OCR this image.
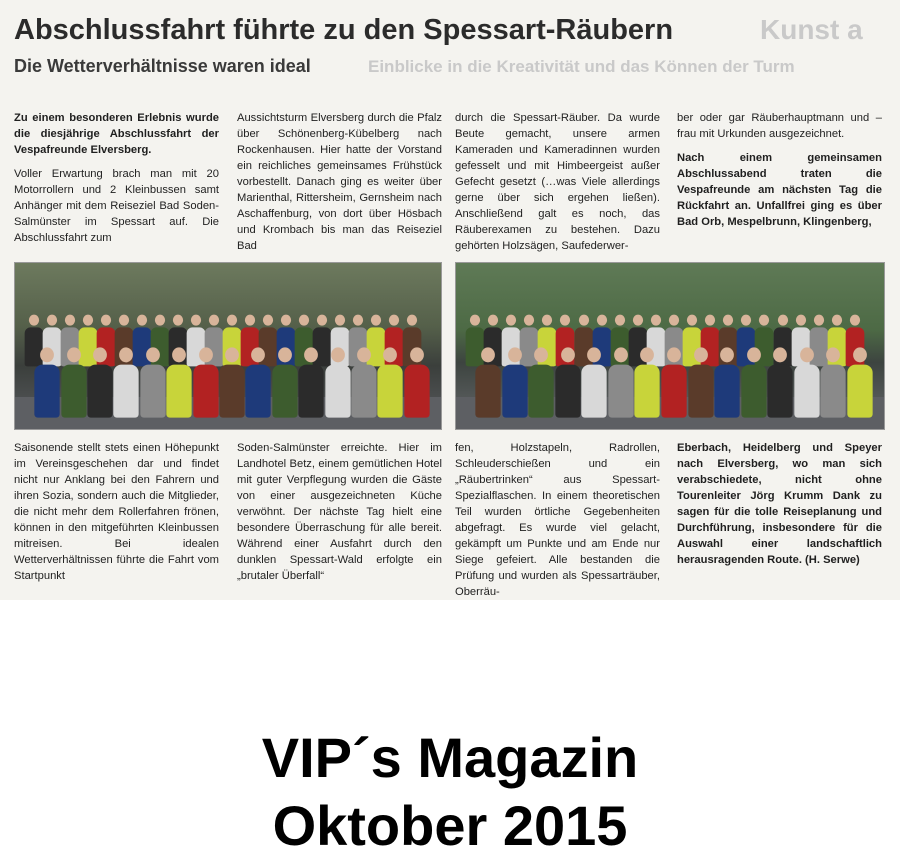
Kunst a
Einblicke in die Kreativität und das Können der Turm
Abschlussfahrt führte zu den Spessart-Räubern
Die Wetterverhältnisse waren ideal

Zu einem besonderen Erlebnis wurde die diesjährige Abschlussfahrt der Vespafreunde Elversberg.

Voller Erwartung brach man mit 20 Motorrollern und 2 Kleinbussen samt Anhänger mit dem Reiseziel Bad Soden-Salmünster im Spessart auf. Die Abschlussfahrt zum

Aussichtsturm Elversberg durch die Pfalz über Schönenberg-Kübelberg nach Rockenhausen. Hier hatte der Vorstand ein reichliches gemeinsames Frühstück vorbestellt. Danach ging es weiter über Marienthal, Rittersheim, Gernsheim nach Aschaffenburg, von dort über Hösbach und Krombach bis man das Reiseziel Bad

durch die Spessart-Räuber. Da wurde Beute gemacht, unsere armen Kameraden und Kameradinnen wurden gefesselt und mit Himbeergeist außer Gefecht gesetzt (…was Viele allerdings gerne über sich ergehen ließen). Anschließend galt es noch, das Räuberexamen zu bestehen. Dazu gehörten Holzsägen, Saufederwer-

ber oder gar Räuberhauptmann und –frau mit Urkunden ausgezeichnet.

Nach einem gemeinsamen Abschlussabend traten die Vespafreunde am nächsten Tag die Rückfahrt an. Unfallfrei ging es über Bad Orb, Mespelbrunn, Klingenberg,

Saisonende stellt stets einen Höhepunkt im Vereinsgeschehen dar und findet nicht nur Anklang bei den Fahrern und ihren Sozia, sondern auch die Mitglieder, die nicht mehr dem Rollerfahren frönen, können in den mitgeführten Kleinbussen mitreisen. Bei idealen Wetterverhältnissen führte die Fahrt vom Startpunkt

Soden-Salmünster erreichte. Hier im Landhotel Betz, einem gemütlichen Hotel mit guter Verpflegung wurden die Gäste von einer ausgezeichneten Küche verwöhnt. Der nächste Tag hielt eine besondere Überraschung für alle bereit. Während einer Ausfahrt durch den dunklen Spessart-Wald erfolgte ein „brutaler Überfall“

fen, Holzstapeln, Radrollen, Schleuderschießen und ein „Räubertrinken“ aus Spessart-Spezialflaschen. In einem theoretischen Teil wurden örtliche Gegebenheiten abgefragt. Es wurde viel gelacht, gekämpft um Punkte und am Ende nur Siege gefeiert. Alle bestanden die Prüfung und wurden als Spessarträuber, Oberräu-

Eberbach, Heidelberg und Speyer nach Elversberg, wo man sich verabschiedete, nicht ohne Tourenleiter Jörg Krumm Dank zu sagen für die tolle Reiseplanung und Durchführung, insbesondere für die Auswahl einer landschaftlich herausragenden Route. (H. Serwe)

VIP´s Magazin
Oktober 2015
